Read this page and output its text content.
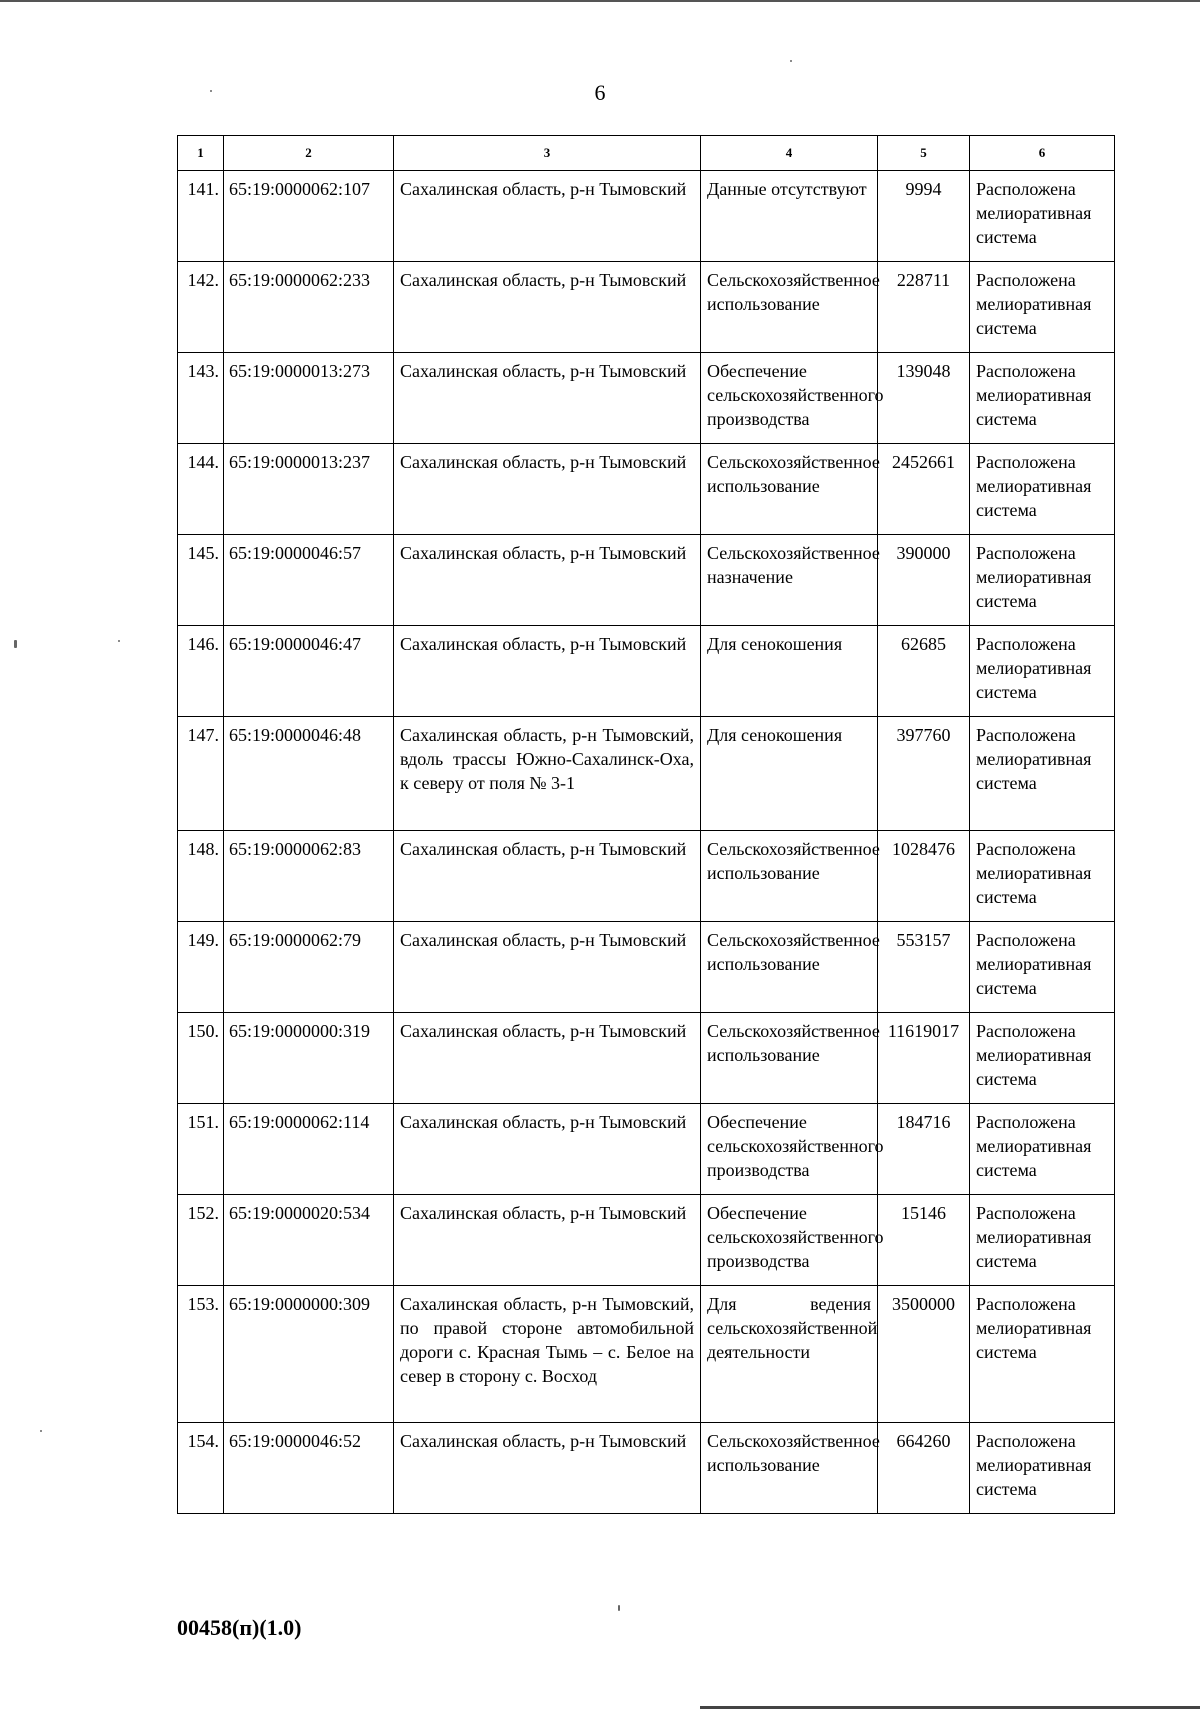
6
1	2	3	4	5	6
141.	65:19:0000062:107	Сахалинская область, р-н Тымовский	Данные отсутствуют	9994	Расположена мелиоративная система
142.	65:19:0000062:233	Сахалинская область, р-н Тымовский	Сельскохозяйственное использование	228711	Расположена мелиоративная система
143.	65:19:0000013:273	Сахалинская область, р-н Тымовский	Обеспечение сельскохозяйственного производства	139048	Расположена мелиоративная система
144.	65:19:0000013:237	Сахалинская область, р-н Тымовский	Сельскохозяйственное использование	2452661	Расположена мелиоративная система
145.	65:19:0000046:57	Сахалинская область, р-н Тымовский	Сельскохозяйственное назначение	390000	Расположена мелиоративная система
146.	65:19:0000046:47	Сахалинская область, р-н Тымовский	Для сенокошения	62685	Расположена мелиоративная система
147.	65:19:0000046:48	Сахалинская область, р-н Тымовский, вдоль трассы Южно-Сахалинск-Оха, к северу от поля № 3-1	Для сенокошения	397760	Расположена мелиоративная система
148.	65:19:0000062:83	Сахалинская область, р-н Тымовский	Сельскохозяйственное использование	1028476	Расположена мелиоративная система
149.	65:19:0000062:79	Сахалинская область, р-н Тымовский	Сельскохозяйственное использование	553157	Расположена мелиоративная система
150.	65:19:0000000:319	Сахалинская область, р-н Тымовский	Сельскохозяйственное использование	11619017	Расположена мелиоративная система
151.	65:19:0000062:114	Сахалинская область, р-н Тымовский	Обеспечение сельскохозяйственного производства	184716	Расположена мелиоративная система
152.	65:19:0000020:534	Сахалинская область, р-н Тымовский	Обеспечение сельскохозяйственного производства	15146	Расположена мелиоративная система
153.	65:19:0000000:309	Сахалинская область, р-н Тымовский, по правой стороне автомобильной дороги с. Красная Тымь – с. Белое на север в сторону с. Восход	Для ведения сельскохозяйственной деятельности	3500000	Расположена мелиоративная система
154.	65:19:0000046:52	Сахалинская область, р-н Тымовский	Сельскохозяйственное использование	664260	Расположена мелиоративная система
00458(п)(1.0)
